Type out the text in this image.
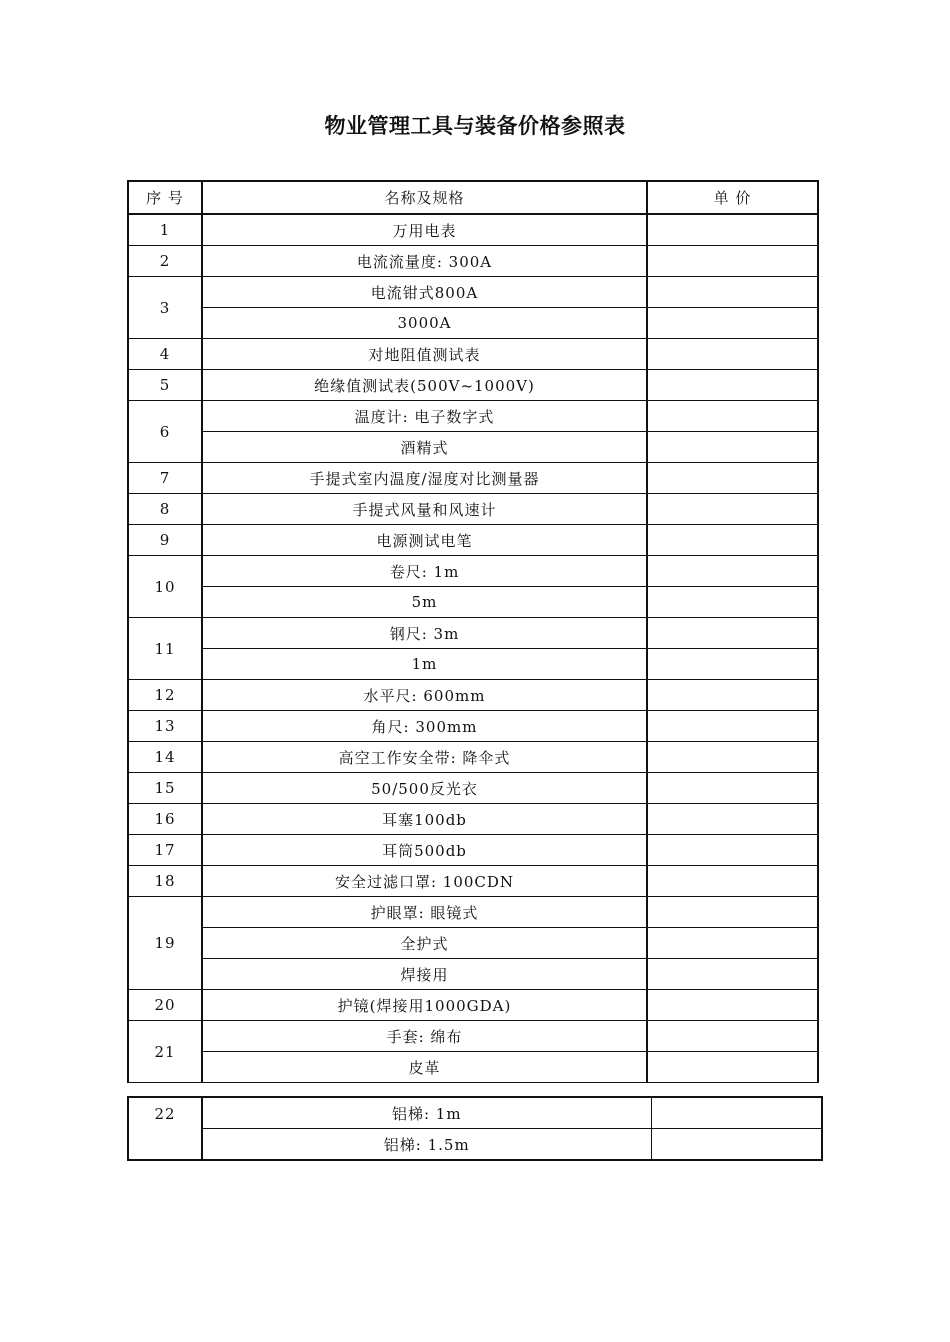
物业管理工具与装备价格参照表
序 号	名称及规格	单 价
1	万用电表	
2	电流流量度: 300A	
3	电流钳式800A	
	3000A	
4	对地阻值测试表	
5	绝缘值测试表(500V~1000V)	
6	温度计: 电子数字式	
	酒精式	
7	手提式室内温度/湿度对比测量器	
8	手提式风量和风速计	
9	电源测试电笔	
10	卷尺: 1m	
	5m	
11	钢尺: 3m	
	1m	
12	水平尺: 600mm	
13	角尺: 300mm	
14	高空工作安全带: 降伞式	
15	50/500反光衣	
16	耳塞100db	
17	耳筒500db	
18	安全过滤口罩: 100CDN	
19	护眼罩: 眼镜式	
	全护式	
	焊接用	
20	护镜(焊接用1000GDA)	
21	手套: 绵布	
	皮革	
22	铝梯: 1m	
	铝梯: 1.5m	
